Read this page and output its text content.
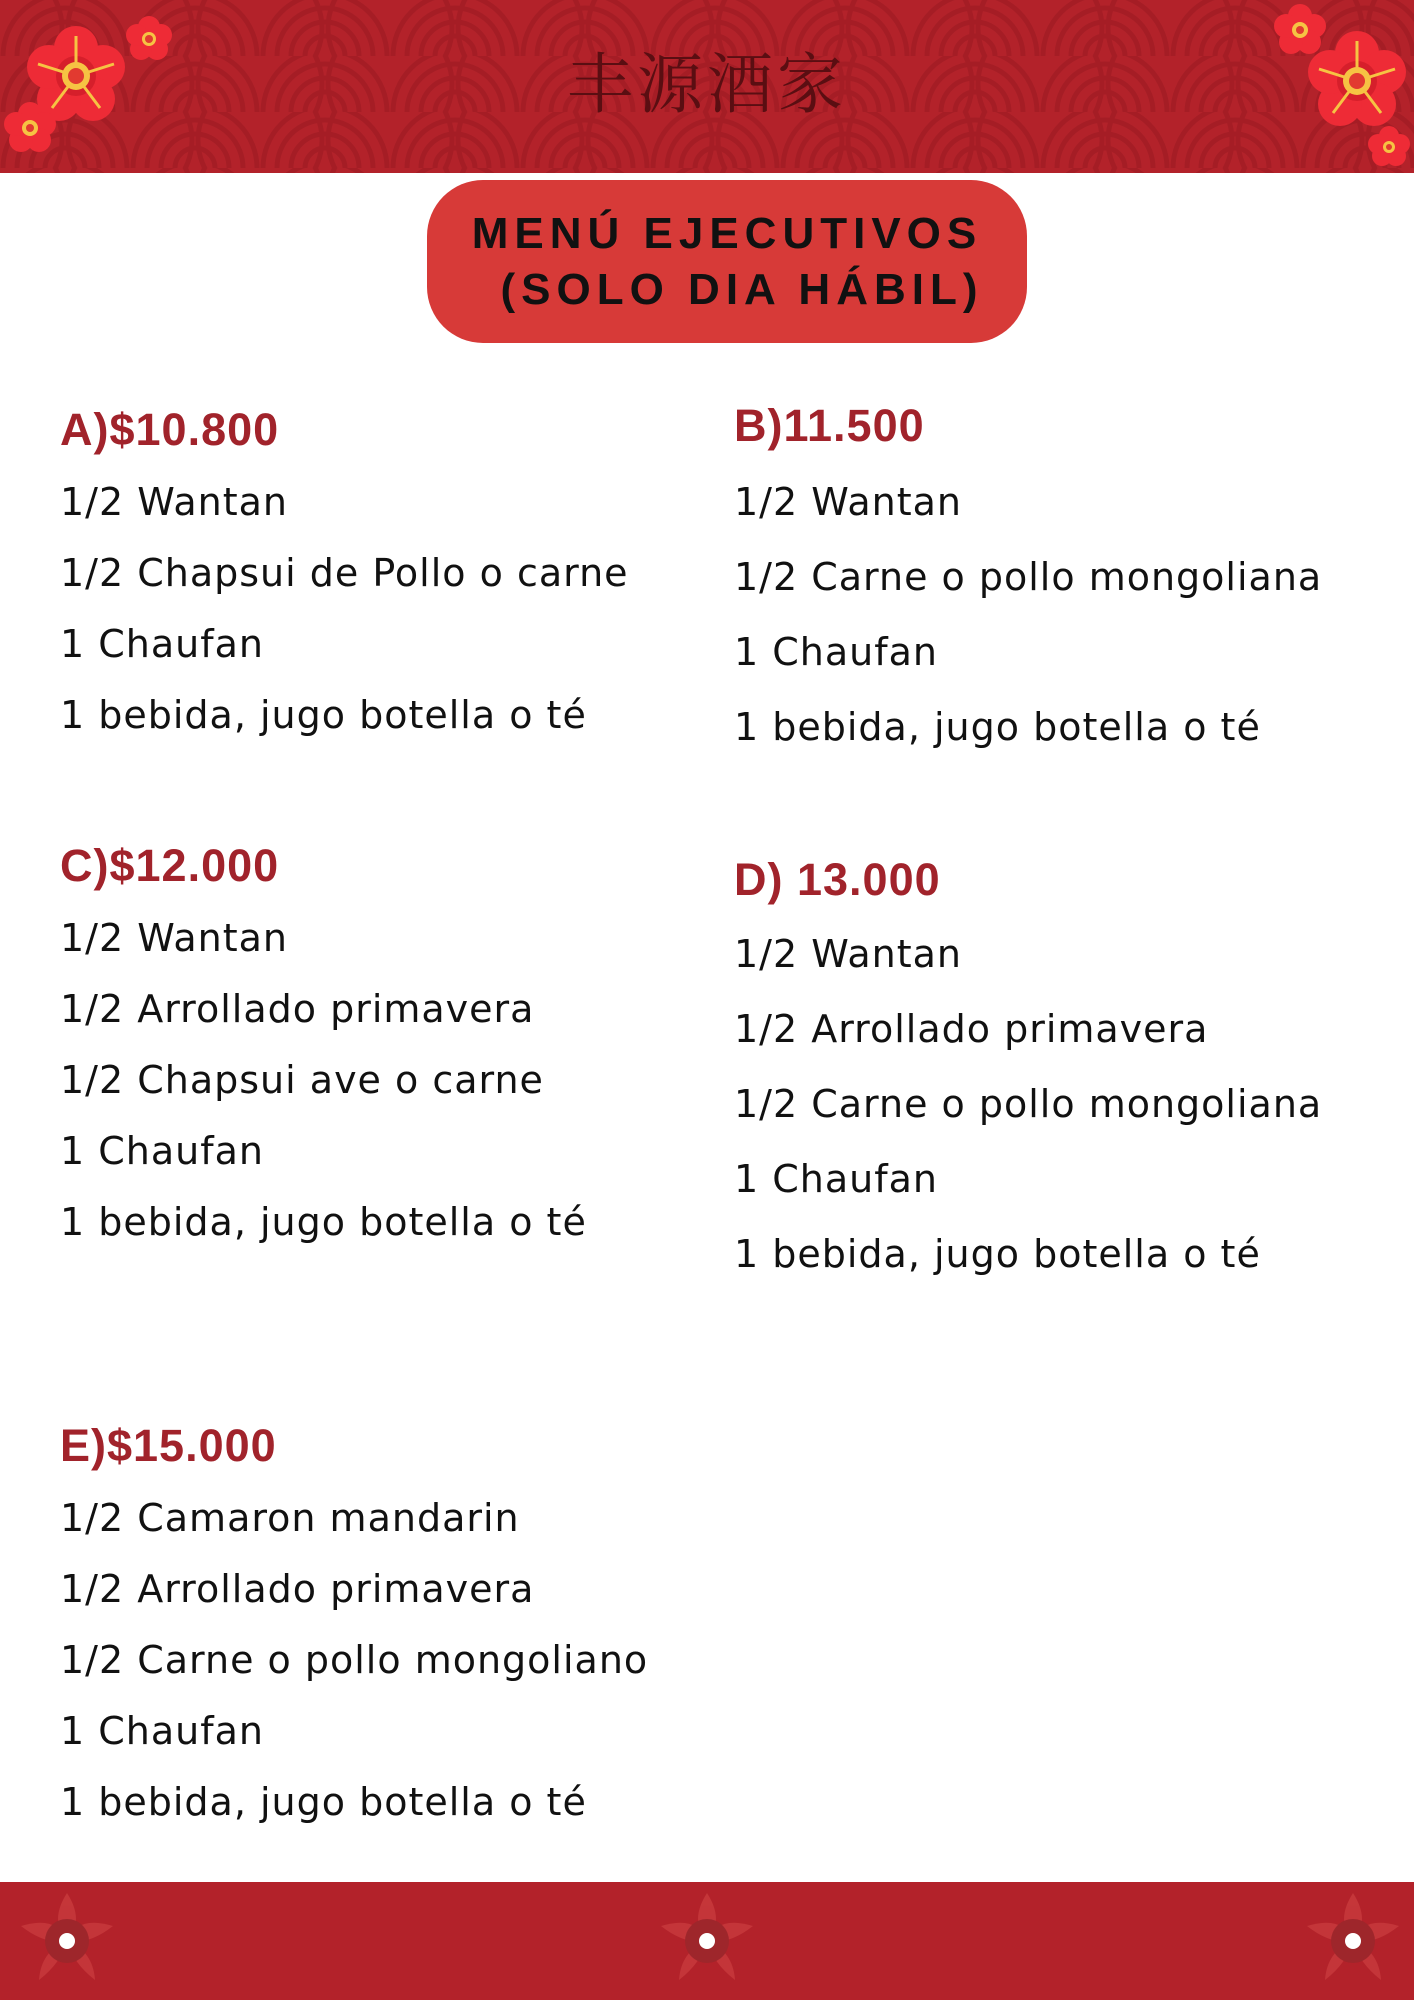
丰源酒家
MENÚ EJECUTIVOS
(SOLO DIA HÁBIL)
A)$10.800
1/2 Wantan
1/2 Chapsui de Pollo o carne
1 Chaufan
1 bebida, jugo botella o té
B)11.500
1/2 Wantan
1/2 Carne o pollo mongoliana
1 Chaufan
1 bebida, jugo botella o té
C)$12.000
1/2 Wantan
1/2 Arrollado primavera
1/2 Chapsui ave o carne
1 Chaufan
1 bebida, jugo botella o té
D) 13.000
1/2 Wantan
1/2 Arrollado primavera
1/2 Carne o pollo mongoliana
1 Chaufan
1 bebida, jugo botella o té
E)$15.000
1/2 Camaron mandarin
1/2 Arrollado primavera
1/2 Carne o pollo mongoliano
1 Chaufan
1 bebida, jugo botella o té
